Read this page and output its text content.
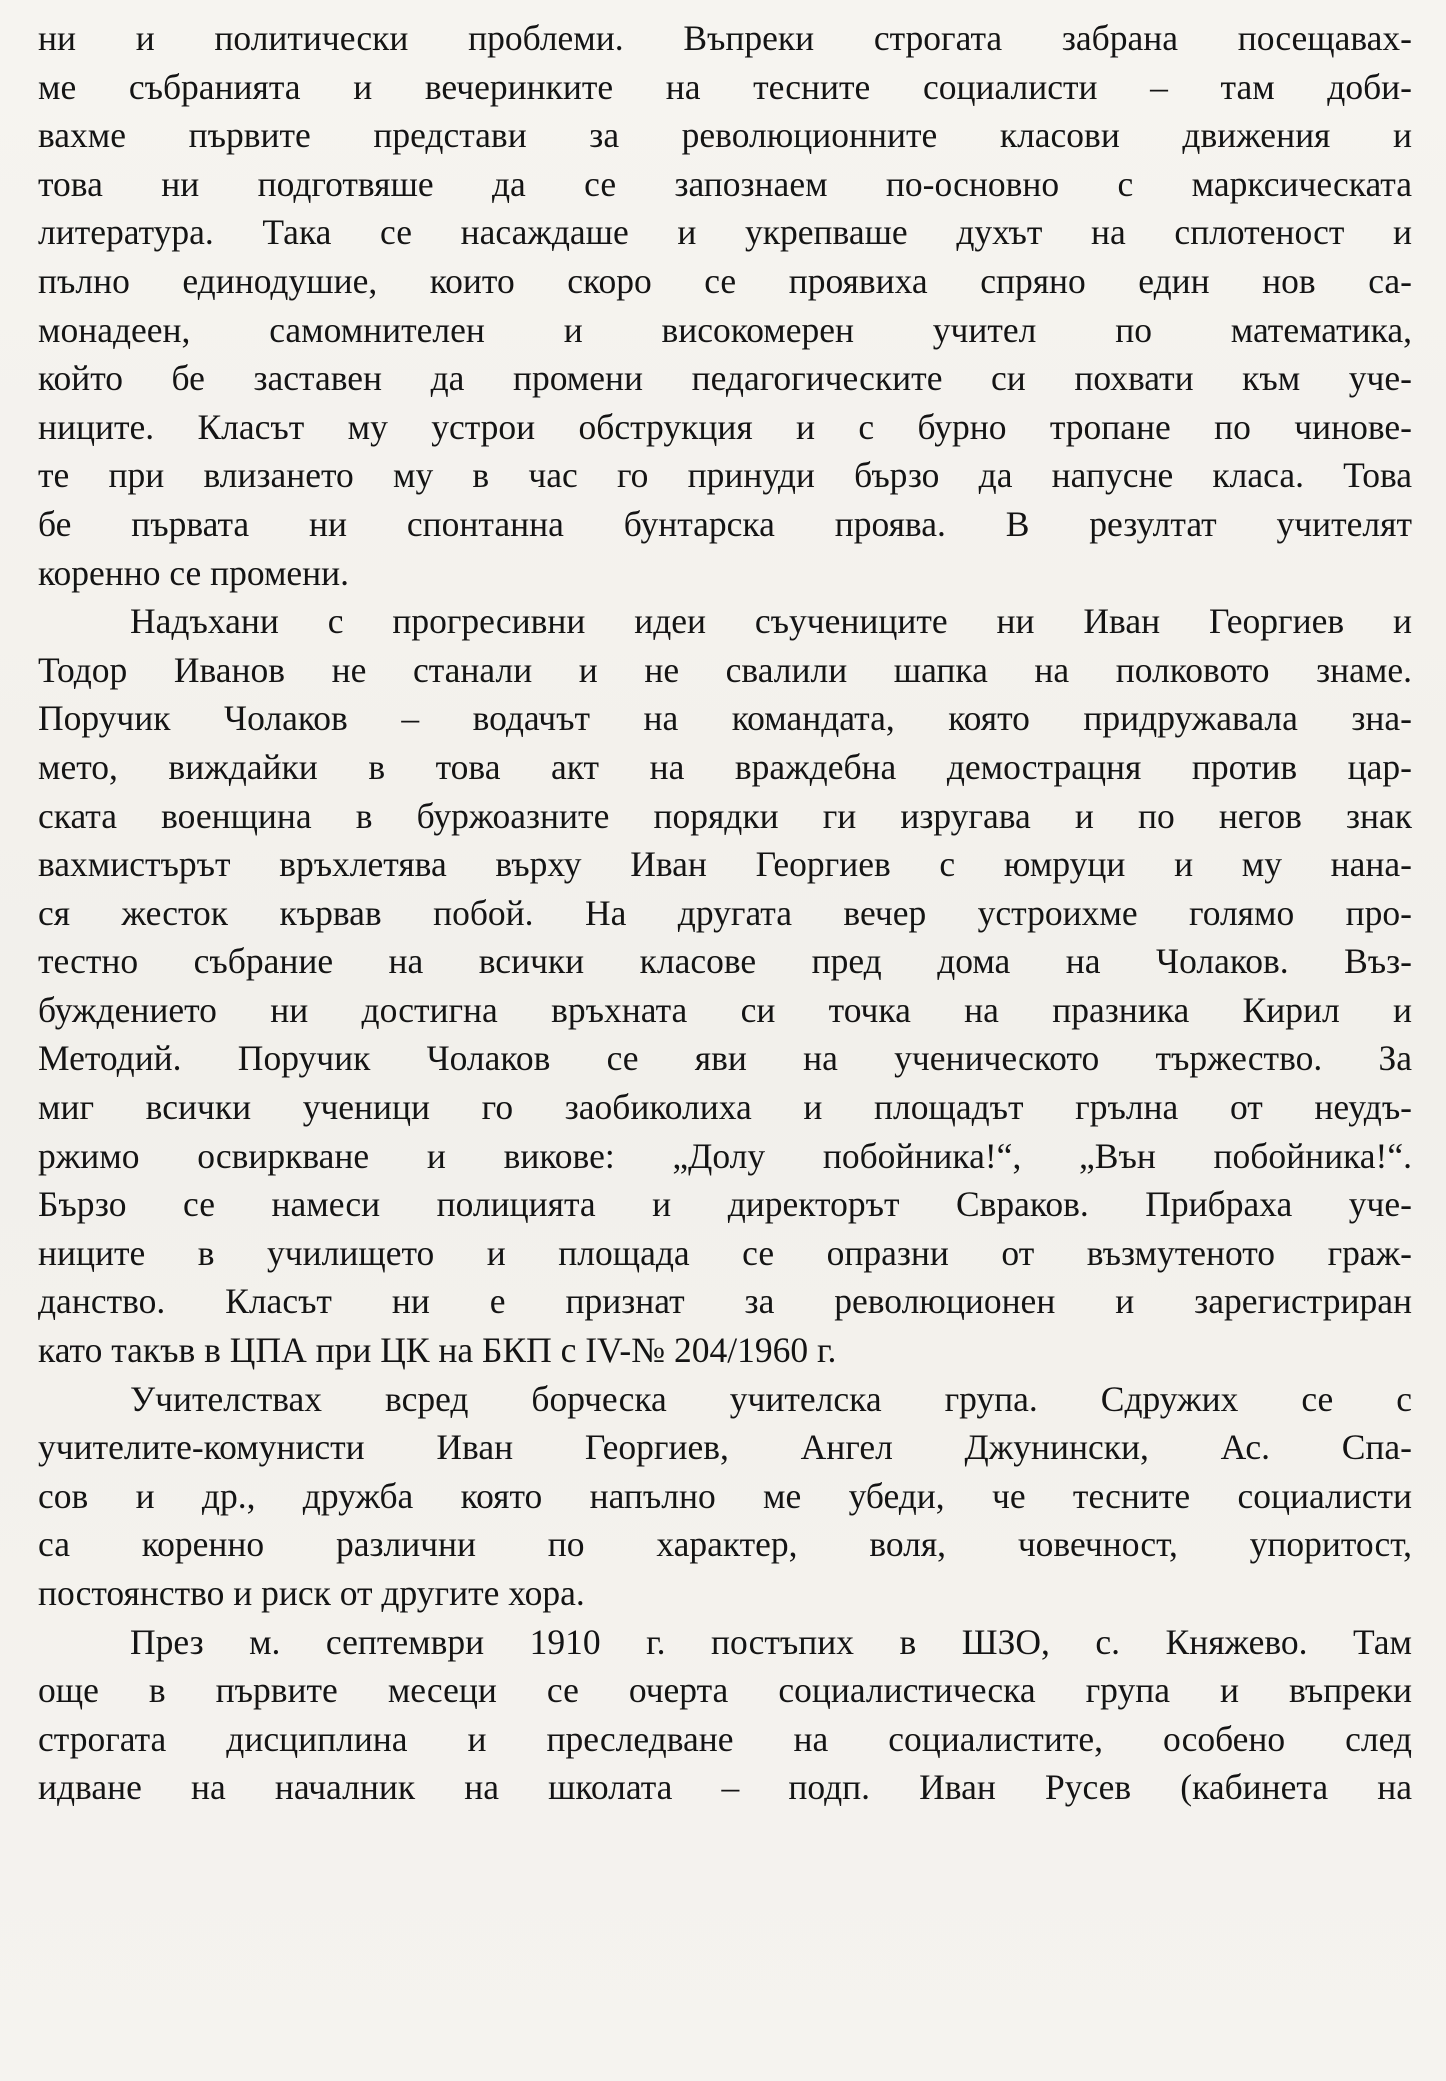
ни и политически проблеми. Въпреки строгата забрана посещавах-
ме събранията и вечеринките на тесните социалисти – там доби-
вахме първите представи за революционните класови движения и
това ни подготвяше да се запознаем по-основно с марксическата
литература. Така се насаждаше и укрепваше духът на сплотеност и
пълно единодушие, които скоро се проявиха спряно един нов са-
монадеен, самомнителен и високомерен учител по математика,
който бе заставен да промени педагогическите си похвати към уче-
ниците. Класът му устрои обструкция и с бурно тропане по чинове-
те при влизането му в час го принуди бързо да напусне класа. Това
бе първата ни спонтанна бунтарска проява. В резултат учителят
коренно се промени.

Надъхани с прогресивни идеи съучениците ни Иван Георгиев и
Тодор Иванов не станали и не свалили шапка на полковото знаме.
Поручик Чолаков – водачът на командата, която придружавала зна-
мето, виждайки в това акт на враждебна демострацня против цар-
ската военщина в буржоазните порядки ги изругава и по негов знак
вахмистърът връхлетява върху Иван Георгиев с юмруци и му нана-
ся жесток кървав побой. На другата вечер устроихме голямо про-
тестно събрание на всички класове пред дома на Чолаков. Въз-
буждението ни достигна връхната си точка на празника Кирил и
Методий. Поручик Чолаков се яви на ученическото тържество. За
миг всички ученици го заобиколиха и площадът грълна от неудъ-
ржимо освиркване и викове: „Долу побойника!“, „Вън побойника!“.
Бързо се намеси полицията и директорът Свраков. Прибраха уче-
ниците в училището и площада се опразни от възмутеното граж-
данство. Класът ни е признат за революционен и зарегистриран
като такъв в ЦПА при ЦК на БКП с IV-№ 204/1960 г.

Учителствах всред борческа учителска група. Сдружих се с
учителите-комунисти Иван Георгиев, Ангел Джунински, Ас. Спа-
сов и др., дружба която напълно ме убеди, че тесните социалисти
са коренно различни по характер, воля, човечност, упоритост,
постоянство и риск от другите хора.

През м. септември 1910 г. постъпих в ШЗО, с. Княжево. Там
още в първите месеци се очерта социалистическа група и въпреки
строгата дисциплина и преследване на социалистите, особено след
идване на началник на школата – подп. Иван Русев (кабинета на
